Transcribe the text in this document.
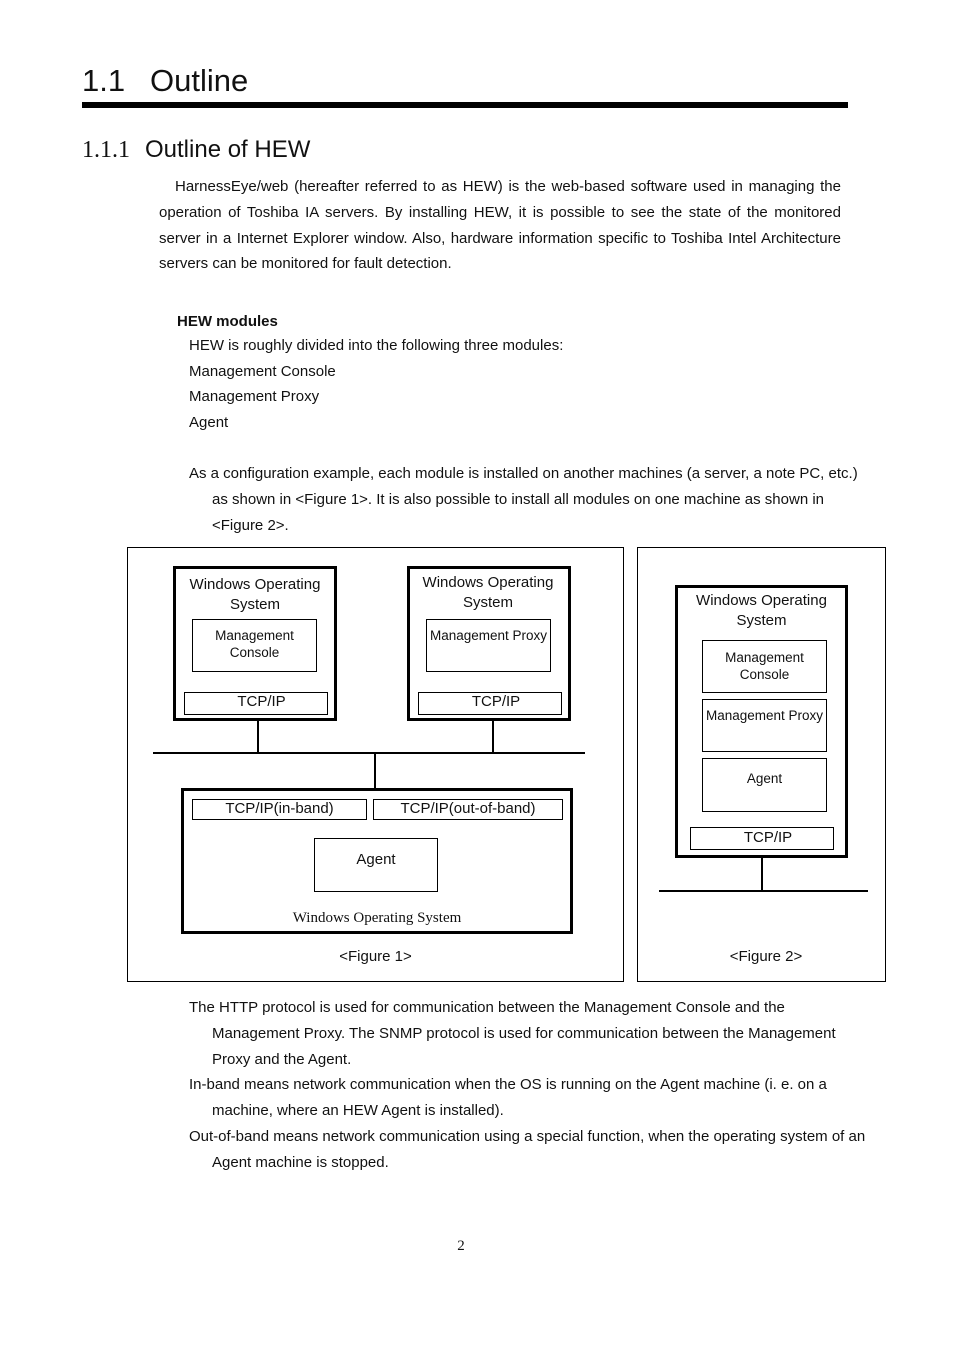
1.1 Outline
1.1.1 Outline of HEW
HarnessEye/web (hereafter referred to as HEW) is the web-based software used in managing the operation of Toshiba IA servers. By installing HEW, it is possible to see the state of the monitored server in a Internet Explorer window. Also, hardware information specific to Toshiba Intel Architecture servers can be monitored for fault detection.
HEW modules
HEW is roughly divided into the following three modules:
Management Console
Management Proxy
Agent
As a configuration example, each module is installed on another machines (a server, a note PC, etc.) as shown in <Figure 1>. It is also possible to install all modules on one machine as shown in <Figure 2>.
Windows Operating System
Management Console
TCP/IP
Windows Operating System
Management Proxy
TCP/IP
TCP/IP(in-band)	TCP/IP(out-of-band)
Agent
Windows Operating System
<Figure 1>
Windows Operating System
Management Console
Management Proxy
Agent
TCP/IP
<Figure 2>
The HTTP protocol is used for communication between the Management Console and the Management Proxy. The SNMP protocol is used for communication between the Management Proxy and the Agent.
In-band means network communication when the OS is running on the Agent machine (i. e. on a machine, where an HEW Agent is installed).
Out-of-band means network communication using a special function, when the operating system of an Agent machine is stopped.
2
